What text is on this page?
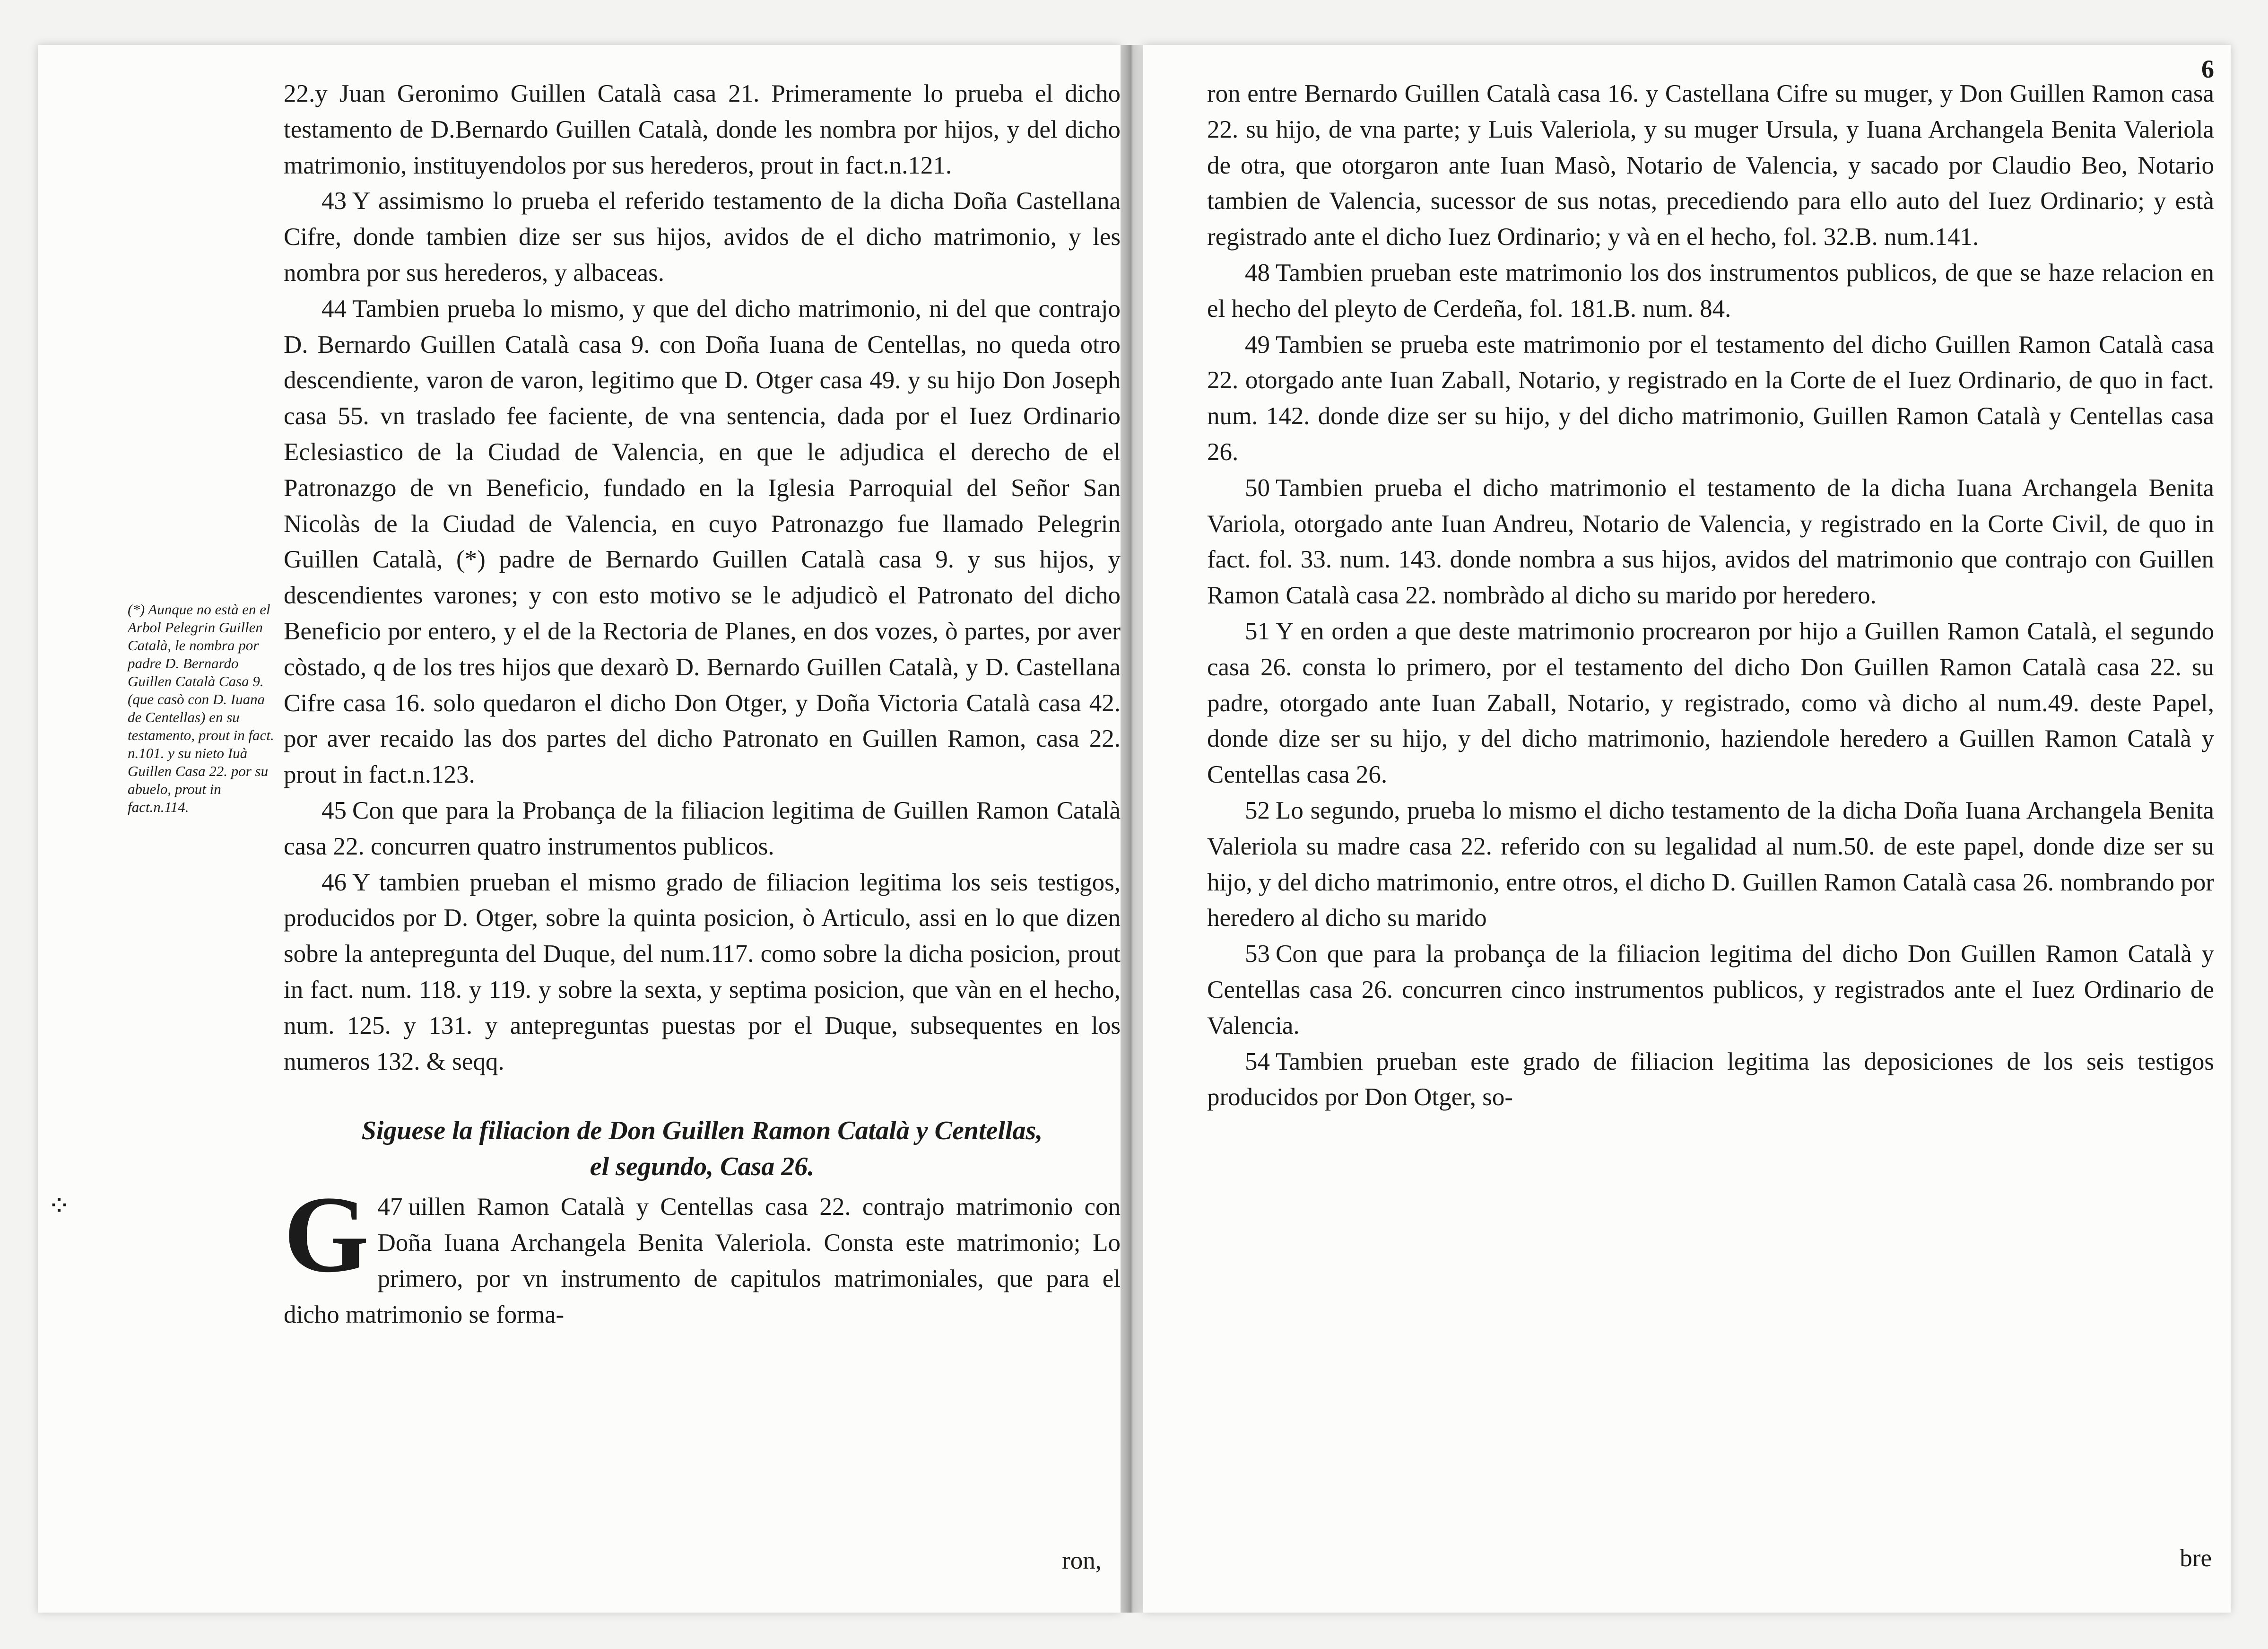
⁘
(*) Aunque no està en el Arbol Pelegrin Guillen Català, le nombra por padre D. Bernardo Guillen Català Casa 9. (que casò con D. Iuana de Centellas) en su testamento, prout in fact. n.101. y su nieto Iuà Guillen Casa 22. por su abuelo, prout in fact.n.114.

22.y Juan Geronimo Guillen Català casa 21. Primeramente lo prueba el dicho testamento de D.Bernardo Guillen Català, donde les nombra por hijos, y del dicho matrimonio, instituyendolos por sus herederos, prout in fact.n.121.

43 Y assimismo lo prueba el referido testamento de la dicha Doña Castellana Cifre, donde tambien dize ser sus hijos, avidos de el dicho matrimonio, y les nombra por sus herederos, y albaceas.

44 Tambien prueba lo mismo, y que del dicho matrimonio, ni del que contrajo D. Bernardo Guillen Català casa 9. con Doña Iuana de Centellas, no queda otro descendiente, varon de varon, legitimo que D. Otger casa 49. y su hijo Don Joseph casa 55. vn traslado fee faciente, de vna sentencia, dada por el Iuez Ordinario Eclesiastico de la Ciudad de Valencia, en que le adjudica el derecho de el Patronazgo de vn Beneficio, fundado en la Iglesia Parroquial del Señor San Nicolàs de la Ciudad de Valencia, en cuyo Patronazgo fue llamado Pelegrin Guillen Català, (*) padre de Bernardo Guillen Català casa 9. y sus hijos, y descendientes varones; y con esto motivo se le adjudicò el Patronato del dicho Beneficio por entero, y el de la Rectoria de Planes, en dos vozes, ò partes, por aver còstado, q de los tres hijos que dexarò D. Bernardo Guillen Català, y D. Castellana Cifre casa 16. solo quedaron el dicho Don Otger, y Doña Victoria Català casa 42. por aver recaido las dos partes del dicho Patronato en Guillen Ramon, casa 22. prout in fact.n.123.

45 Con que para la Probança de la filiacion legitima de Guillen Ramon Català casa 22. concurren quatro instrumentos publicos.

46 Y tambien prueban el mismo grado de filiacion legitima los seis testigos, producidos por D. Otger, sobre la quinta posicion, ò Articulo, assi en lo que dizen sobre la antepregunta del Duque, del num.117. como sobre la dicha posicion, prout in fact. num. 118. y 119. y sobre la sexta, y septima posicion, que vàn en el hecho, num. 125. y 131. y antepreguntas puestas por el Duque, subsequentes en los numeros 132. & seqq.

Siguese la filiacion de Don Guillen Ramon Català y Centellas,
el segundo, Casa 26.

47
G uillen Ramon Català y Centellas casa 22. contrajo matrimonio con Doña Iuana Archangela Benita Valeriola. Consta este matrimonio; Lo primero, por vn instrumento de capitulos matrimoniales, que para el dicho matrimonio se forma-

ron,
6

ron entre Bernardo Guillen Català casa 16. y Castellana Cifre su muger, y Don Guillen Ramon casa 22. su hijo, de vna parte; y Luis Valeriola, y su muger Ursula, y Iuana Archangela Benita Valeriola de otra, que otorgaron ante Iuan Masò, Notario de Valencia, y sacado por Claudio Beo, Notario tambien de Valencia, sucessor de sus notas, precediendo para ello auto del Iuez Ordinario; y està registrado ante el dicho Iuez Ordinario; y và en el hecho, fol. 32.B. num.141.

48 Tambien prueban este matrimonio los dos instrumentos publicos, de que se haze relacion en el hecho del pleyto de Cerdeña, fol. 181.B. num. 84.

49 Tambien se prueba este matrimonio por el testamento del dicho Guillen Ramon Català casa 22. otorgado ante Iuan Zaball, Notario, y registrado en la Corte de el Iuez Ordinario, de quo in fact. num. 142. donde dize ser su hijo, y del dicho matrimonio, Guillen Ramon Català y Centellas casa 26.

50 Tambien prueba el dicho matrimonio el testamento de la dicha Iuana Archangela Benita Variola, otorgado ante Iuan Andreu, Notario de Valencia, y registrado en la Corte Civil, de quo in fact. fol. 33. num. 143. donde nombra a sus hijos, avidos del matrimonio que contrajo con Guillen Ramon Català casa 22. nombràdo al dicho su marido por heredero.

51 Y en orden a que deste matrimonio procrearon por hijo a Guillen Ramon Català, el segundo casa 26. consta lo primero, por el testamento del dicho Don Guillen Ramon Català casa 22. su padre, otorgado ante Iuan Zaball, Notario, y registrado, como và dicho al num.49. deste Papel, donde dize ser su hijo, y del dicho matrimonio, haziendole heredero a Guillen Ramon Català y Centellas casa 26.

52 Lo segundo, prueba lo mismo el dicho testamento de la dicha Doña Iuana Archangela Benita Valeriola su madre casa 22. referido con su legalidad al num.50. de este papel, donde dize ser su hijo, y del dicho matrimonio, entre otros, el dicho D. Guillen Ramon Català casa 26. nombrando por heredero al dicho su marido

53 Con que para la probança de la filiacion legitima del dicho Don Guillen Ramon Català y Centellas casa 26. concurren cinco instrumentos publicos, y registrados ante el Iuez Ordinario de Valencia.

54 Tambien prueban este grado de filiacion legitima las deposiciones de los seis testigos producidos por Don Otger, so-

bre
